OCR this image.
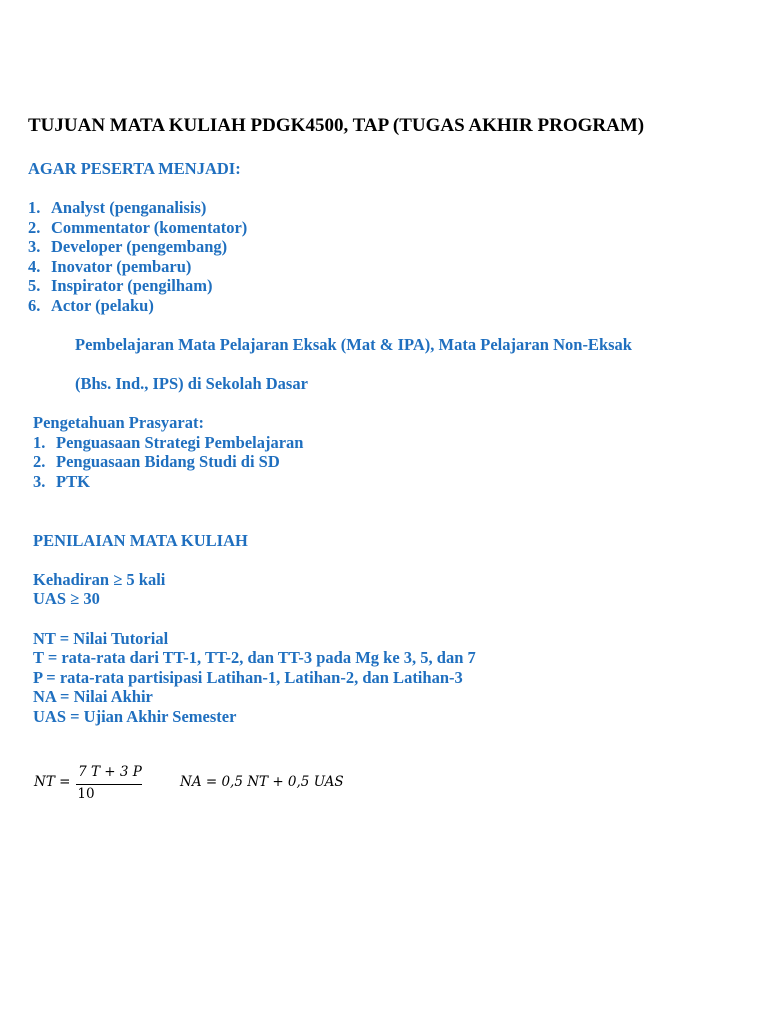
TUJUAN MATA KULIAH PDGK4500, TAP (TUGAS AKHIR PROGRAM)
AGAR PESERTA MENJADI:
1. Analyst (penganalisis)
2. Commentator (komentator)
3. Developer (pengembang)
4. Inovator (pembaru)
5. Inspirator (pengilham)
6. Actor (pelaku)
Pembelajaran Mata Pelajaran Eksak (Mat & IPA), Mata Pelajaran Non-Eksak
(Bhs. Ind., IPS) di Sekolah Dasar
Pengetahuan Prasyarat:
1. Penguasaan Strategi Pembelajaran
2. Penguasaan Bidang Studi di SD
3. PTK
PENILAIAN MATA KULIAH
Kehadiran ≥ 5 kali
UAS ≥ 30
NT = Nilai Tutorial
T = rata-rata dari TT-1, TT-2, dan TT-3 pada Mg ke 3, 5, dan 7
P = rata-rata partisipasi Latihan-1, Latihan-2, dan Latihan-3
NA = Nilai Akhir
UAS = Ujian Akhir Semester
NT =
7 T + 3 P
10
NA = 0,5 NT + 0,5 UAS
